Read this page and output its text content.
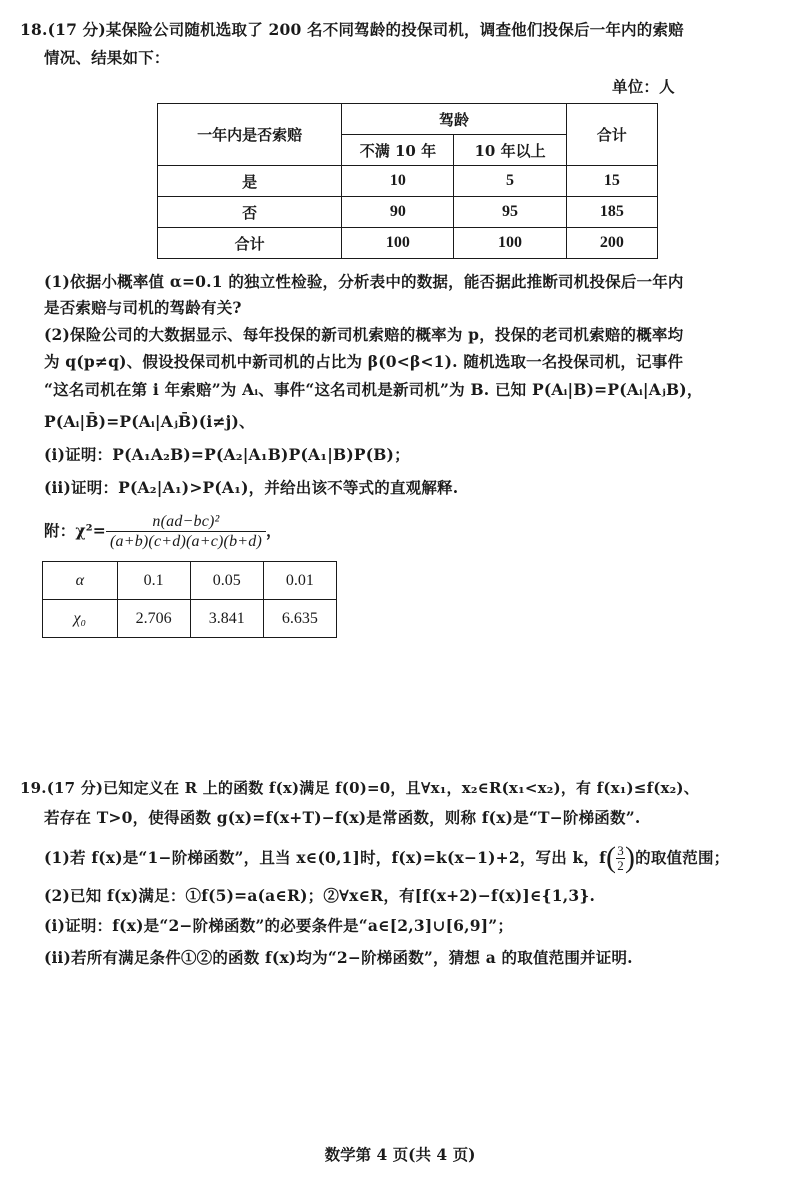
18.(17 分)某保险公司随机选取了 200 名不同驾龄的投保司机，调查他们投保后一年内的索赔
情况、结果如下：
单位：人
一年内是否索赔	驾龄		合计
	不满 10 年	10 年以上	
是	10	5	15
否	90	95	185
合计	100	100	200
(1)依据小概率值 α=0.1 的独立性检验，分析表中的数据，能否据此推断司机投保后一年内
是否索赔与司机的驾龄有关?
(2)保险公司的大数据显示、每年投保的新司机索赔的概率为 p，投保的老司机索赔的概率均
为 q(p≠q)、假设投保司机中新司机的占比为 β(0<β<1). 随机选取一名投保司机，记事件
“这名司机在第 i 年索赔”为 Aᵢ、事件“这名司机是新司机”为 B. 已知 P(Aᵢ|B)=P(Aᵢ|AⱼB)，
P(Aᵢ|B̄)=P(Aᵢ|AⱼB̄)(i≠j)、
(ⅰ)证明：P(A₁A₂B)=P(A₂|A₁B)P(A₁|B)P(B)；
(ⅱ)证明：P(A₂|A₁)>P(A₁)，并给出该不等式的直观解释.
附：$\chi^2= \frac{\text{n(ad−bc)²}}{(a+b)(c+d)(a+c)(b+d)}$ ，
α	0.1	0.05	0.01
χ₀	2.706	3.841	6.635
19.(17 分)已知定义在 R 上的函数 f(x)满足 f(0)=0，且∀x₁，x₂∈R(x₁<x₂)，有 f(x₁)≤f(x₂)、
若存在 T>0，使得函数 g(x)=f(x+T)−f(x)是常函数，则称 f(x)是“T−阶梯函数”.
(1)若 f(x)是“1−阶梯函数”，且当 x∈(0,1]时，f(x)=k(x−1)+2，写出 k，f ( $\frac{3}{2}$ ) 的取值范围；
(2)已知 f(x)满足：①f(5)=a(a∈R)；②∀x∈R，有[f(x+2)−f(x)]∈{1,3}.
(ⅰ)证明：f(x)是“2−阶梯函数”的必要条件是“a∈[2,3]∪[6,9]”；
(ⅱ)若所有满足条件①②的函数 f(x)均为“2−阶梯函数”，猜想 a 的取值范围并证明.
数学第 4 页(共 4 页)
